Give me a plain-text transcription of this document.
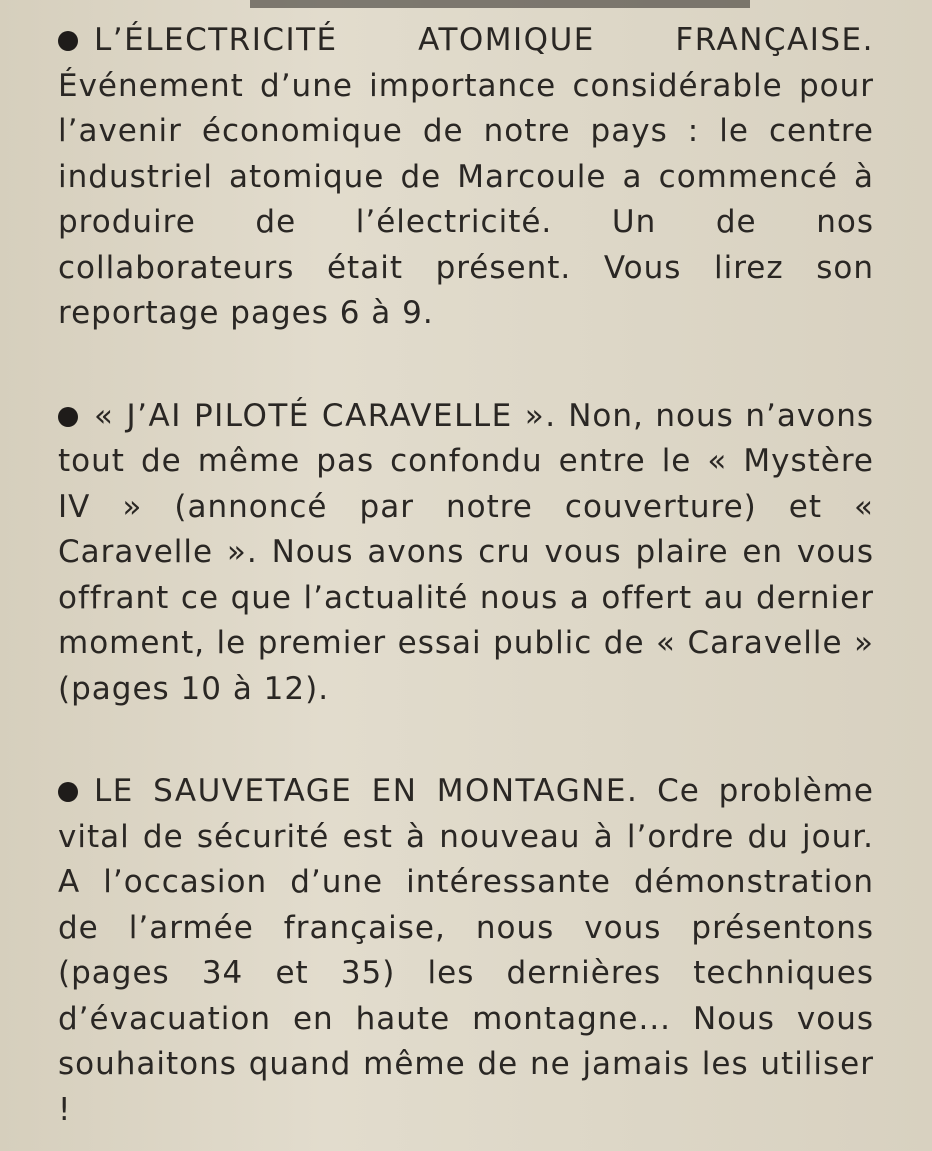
L’ÉLECTRICITÉ ATOMIQUE FRANÇAISE. Événement d’une importance considérable pour l’avenir économique de notre pays : le centre industriel atomique de Marcoule a commencé à produire de l’électricité. Un de nos collaborateurs était présent. Vous lirez son reportage pages 6 à 9.

« J’AI PILOTÉ CARAVELLE ». Non, nous n’avons tout de même pas confondu entre le « Mystère IV » (annoncé par notre couverture) et « Caravelle ». Nous avons cru vous plaire en vous offrant ce que l’actualité nous a offert au dernier moment, le premier essai public de « Caravelle » (pages 10 à 12).

LE SAUVETAGE EN MONTAGNE. Ce problème vital de sécurité est à nouveau à l’ordre du jour. A l’occasion d’une intéressante démonstration de l’armée française, nous vous présentons (pages 34 et 35) les dernières techniques d’évacuation en haute montagne... Nous vous souhaitons quand même de ne jamais les utiliser !
